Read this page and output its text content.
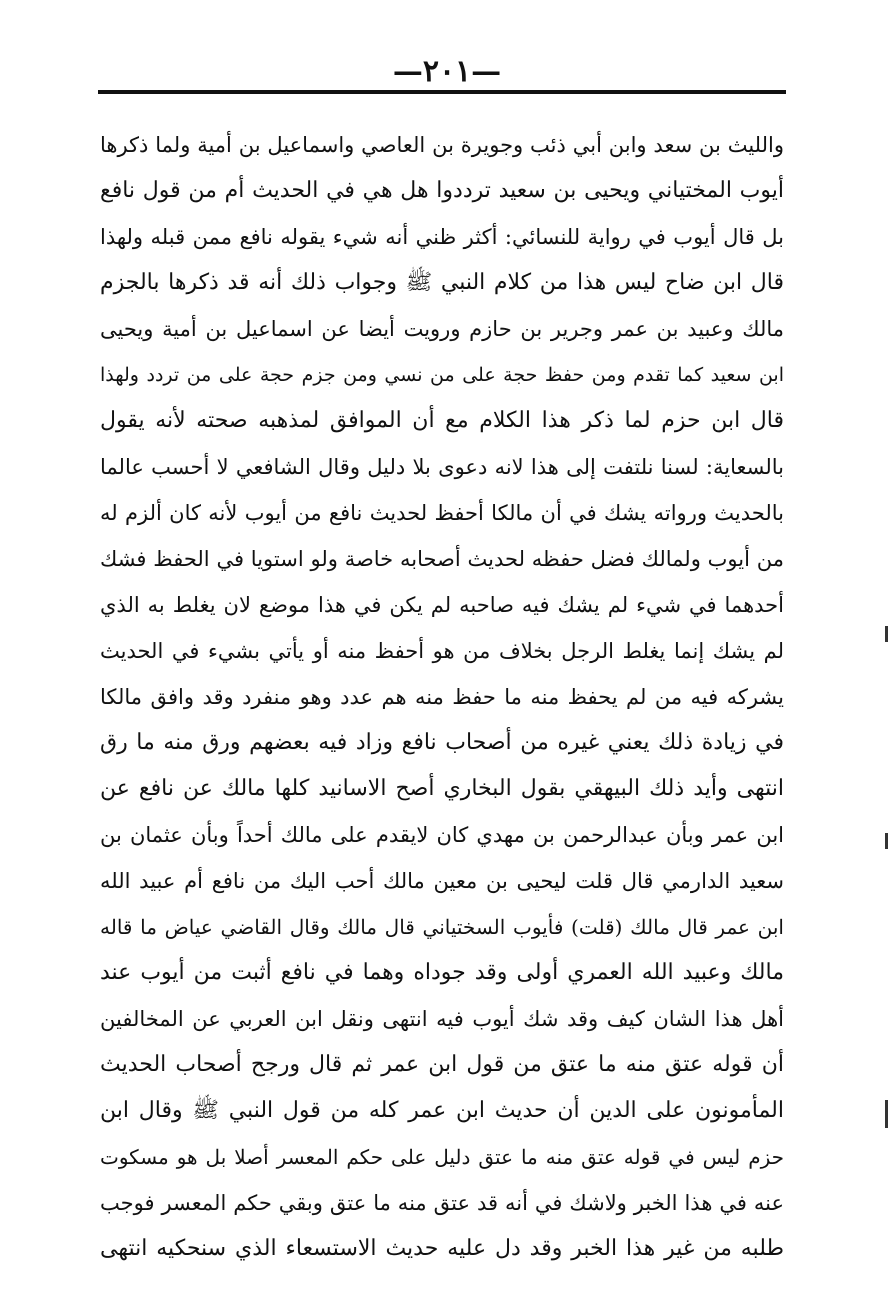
—٢٠١—
والليث بن سعد وابن أبي ذئب وجويرة بن العاصي واسماعيل بن أمية ولما ذكرها
أيوب المختياني ويحيى بن سعيد ترددوا هل هي في الحديث أم من قول نافع
بل قال أيوب في رواية للنسائي: أكثر ظني أنه شيء يقوله نافع ممن قبله ولهذا
قال ابن ضاح ليس هذا من كلام النبي ﷺ وجواب ذلك أنه قد ذكرها بالجزم
مالك وعبيد بن عمر وجرير بن حازم ورويت أيضا عن اسماعيل بن أمية ويحيى
ابن سعيد كما تقدم ومن حفظ حجة على من نسي ومن جزم حجة على من تردد ولهذا
قال ابن حزم لما ذكر هذا الكلام مع أن الموافق لمذهبه صحته لأنه يقول
بالسعاية: لسنا نلتفت إلى هذا لانه دعوى بلا دليل وقال الشافعي لا أحسب عالما
بالحديث ورواته يشك في أن مالكا أحفظ لحديث نافع من أيوب لأنه كان ألزم له
من أيوب ولمالك فضل حفظه لحديث أصحابه خاصة ولو استويا في الحفظ فشك
أحدهما في شيء لم يشك فيه صاحبه لم يكن في هذا موضع لان يغلط به الذي
لم يشك إنما يغلط الرجل بخلاف من هو أحفظ منه أو يأتي بشيء في الحديث
يشركه فيه من لم يحفظ منه ما حفظ منه هم عدد وهو منفرد وقد وافق مالكا
في زيادة ذلك يعني غيره من أصحاب نافع وزاد فيه بعضهم ورق منه ما رق
انتهى وأيد ذلك البيهقي بقول البخاري أصح الاسانيد كلها مالك عن نافع عن
ابن عمر وبأن عبدالرحمن بن مهدي كان لايقدم على مالك أحداً وبأن عثمان بن
سعيد الدارمي قال قلت ليحيى بن معين مالك أحب اليك من نافع أم عبيد الله
ابن عمر قال مالك (قلت) فأيوب السختياني قال مالك وقال القاضي عياض ما قاله
مالك وعبيد الله العمري أولى وقد جوداه وهما في نافع أثبت من أيوب عند
أهل هذا الشان كيف وقد شك أيوب فيه انتهى ونقل ابن العربي عن المخالفين
أن قوله عتق منه ما عتق من قول ابن عمر ثم قال ورجح أصحاب الحديث
المأمونون على الدين أن حديث ابن عمر كله من قول النبي ﷺ وقال ابن
حزم ليس في قوله عتق منه ما عتق دليل على حكم المعسر أصلا بل هو مسكوت
عنه في هذا الخبر ولاشك في أنه قد عتق منه ما عتق وبقي حكم المعسر فوجب
طلبه من غير هذا الخبر وقد دل عليه حديث الاستسعاء الذي سنحكيه انتهى
